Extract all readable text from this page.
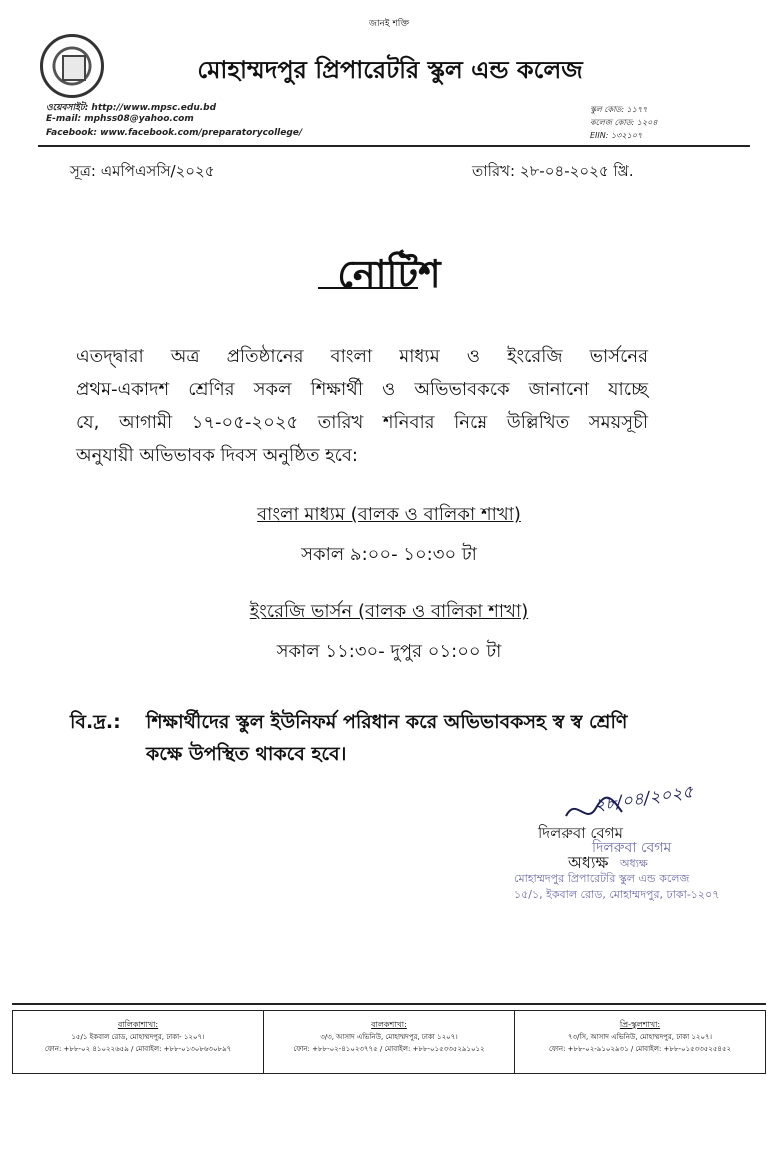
জানই শক্তি
মোহাম্মদপুর প্রিপারেটরি স্কুল এন্ড কলেজ
ওয়েবসাইট: http://www.mpsc.edu.bd
E-mail: mphss08@yahoo.com
Facebook: www.facebook.com/preparatorycollege/
স্কুল কোড: ১১৭৭
কলেজ কোড: ১২০৪
EIIN: ১৩২১০৭
সূত্র: এমপিএসসি/২০২৫	তারিখ: ২৮-০৪-২০২৫ খ্রি.
নোটিশ
এতদ্দ্বারা অত্র প্রতিষ্ঠানের বাংলা মাধ্যম ও ইংরেজি ভার্সনের
প্রথম-একাদশ শ্রেণির সকল শিক্ষার্থী ও অভিভাবককে জানানো যাচ্ছে
যে, আগামী ১৭-০৫-২০২৫ তারিখ শনিবার নিম্নে উল্লিখিত সময়সূচী
অনুযায়ী অভিভাবক দিবস অনুষ্ঠিত হবে:
বাংলা মাধ্যম (বালক ও বালিকা শাখা)
সকাল ৯:০০- ১০:৩০ টা
ইংরেজি ভার্সন (বালক ও বালিকা শাখা)
সকাল ১১:৩০- দুপুর ০১:০০ টা
বি.দ্র.: শিক্ষার্থীদের স্কুল ইউনিফর্ম পরিধান করে অভিভাবকসহ স্ব স্ব শ্রেণি
কক্ষে উপস্থিত থাকবে হবে।
২৮/০৪/২০২৫
দিলরুবা বেগম
অধ্যক্ষ
মোহাম্মদপুর প্রিপারেটরি স্কুল এন্ড কলেজ
১৫/১, ইকবাল রোড, মোহাম্মদপুর, ঢাকা-১২০৭
দিলরুবা বেগম
অধ্যক্ষ
বালিকাশাখা:
১৫/১ ইকবাল রোড, মোহাম্মদপুর, ঢাকা- ১২০৭।
ফোন: +৮৮-০২ ৪১০২২৬৫৯ / মোবাইল: +৮৮-০১৩০৮৬৩০৮৯৭
বালকশাখা:
৩/৩, আসাদ এভিনিউ, মোহাম্মদপুর, ঢাকা ১২০৭।
ফোন: +৮৮-০২-৪১০২৩৭৭৫ / মোবাইল: +৮৮-০১৫৩৩৫২৯১০১২
প্রি-স্কুলশাখা:
৭৩/সি, আসাদ এভিনিউ, মোহাম্মদপুর, ঢাকা ১২০৭।
ফোন: +৮৮-০২-৯১০২৯৩১ / মোবাইল: +৮৮-০১৫৩৩৫২৫৪৫২
